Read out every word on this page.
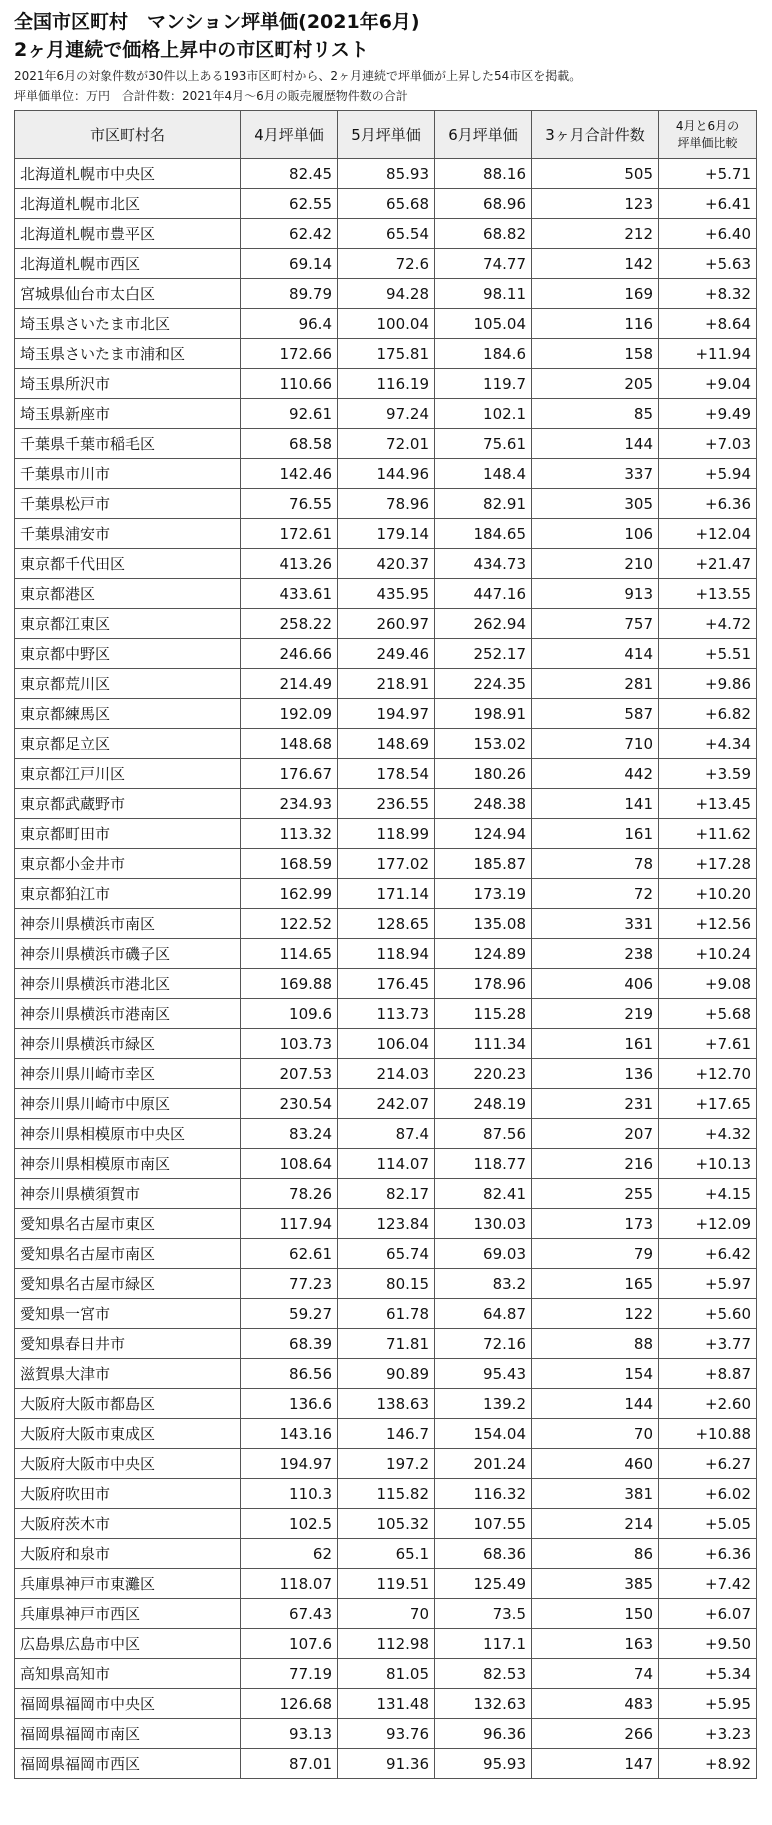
全国市区町村　マンション坪単価(2021年6月)

2ヶ月連続で価格上昇中の市区町村リスト

2021年6月の対象件数が30件以上ある193市区町村から、2ヶ月連続で坪単価が上昇した54市区を掲載。

坪単価単位：万円　合計件数：2021年4月～6月の販売履歴物件数の合計

市区町村名	4月坪単価	5月坪単価	6月坪単価	3ヶ月合計件数	4月と6月の
坪単価比較

北海道札幌市中央区	82.45	85.93	88.16	505	+5.71
北海道札幌市北区	62.55	65.68	68.96	123	+6.41
北海道札幌市豊平区	62.42	65.54	68.82	212	+6.40
北海道札幌市西区	69.14	72.6	74.77	142	+5.63
宮城県仙台市太白区	89.79	94.28	98.11	169	+8.32
埼玉県さいたま市北区	96.4	100.04	105.04	116	+8.64
埼玉県さいたま市浦和区	172.66	175.81	184.6	158	+11.94
埼玉県所沢市	110.66	116.19	119.7	205	+9.04
埼玉県新座市	92.61	97.24	102.1	85	+9.49
千葉県千葉市稲毛区	68.58	72.01	75.61	144	+7.03
千葉県市川市	142.46	144.96	148.4	337	+5.94
千葉県松戸市	76.55	78.96	82.91	305	+6.36
千葉県浦安市	172.61	179.14	184.65	106	+12.04
東京都千代田区	413.26	420.37	434.73	210	+21.47
東京都港区	433.61	435.95	447.16	913	+13.55
東京都江東区	258.22	260.97	262.94	757	+4.72
東京都中野区	246.66	249.46	252.17	414	+5.51
東京都荒川区	214.49	218.91	224.35	281	+9.86
東京都練馬区	192.09	194.97	198.91	587	+6.82
東京都足立区	148.68	148.69	153.02	710	+4.34
東京都江戸川区	176.67	178.54	180.26	442	+3.59
東京都武蔵野市	234.93	236.55	248.38	141	+13.45
東京都町田市	113.32	118.99	124.94	161	+11.62
東京都小金井市	168.59	177.02	185.87	78	+17.28
東京都狛江市	162.99	171.14	173.19	72	+10.20
神奈川県横浜市南区	122.52	128.65	135.08	331	+12.56
神奈川県横浜市磯子区	114.65	118.94	124.89	238	+10.24
神奈川県横浜市港北区	169.88	176.45	178.96	406	+9.08
神奈川県横浜市港南区	109.6	113.73	115.28	219	+5.68
神奈川県横浜市緑区	103.73	106.04	111.34	161	+7.61
神奈川県川崎市幸区	207.53	214.03	220.23	136	+12.70
神奈川県川崎市中原区	230.54	242.07	248.19	231	+17.65
神奈川県相模原市中央区	83.24	87.4	87.56	207	+4.32
神奈川県相模原市南区	108.64	114.07	118.77	216	+10.13
神奈川県横須賀市	78.26	82.17	82.41	255	+4.15
愛知県名古屋市東区	117.94	123.84	130.03	173	+12.09
愛知県名古屋市南区	62.61	65.74	69.03	79	+6.42
愛知県名古屋市緑区	77.23	80.15	83.2	165	+5.97
愛知県一宮市	59.27	61.78	64.87	122	+5.60
愛知県春日井市	68.39	71.81	72.16	88	+3.77
滋賀県大津市	86.56	90.89	95.43	154	+8.87
大阪府大阪市都島区	136.6	138.63	139.2	144	+2.60
大阪府大阪市東成区	143.16	146.7	154.04	70	+10.88
大阪府大阪市中央区	194.97	197.2	201.24	460	+6.27
大阪府吹田市	110.3	115.82	116.32	381	+6.02
大阪府茨木市	102.5	105.32	107.55	214	+5.05
大阪府和泉市	62	65.1	68.36	86	+6.36
兵庫県神戸市東灘区	118.07	119.51	125.49	385	+7.42
兵庫県神戸市西区	67.43	70	73.5	150	+6.07
広島県広島市中区	107.6	112.98	117.1	163	+9.50
高知県高知市	77.19	81.05	82.53	74	+5.34
福岡県福岡市中央区	126.68	131.48	132.63	483	+5.95
福岡県福岡市南区	93.13	93.76	96.36	266	+3.23
福岡県福岡市西区	87.01	91.36	95.93	147	+8.92
